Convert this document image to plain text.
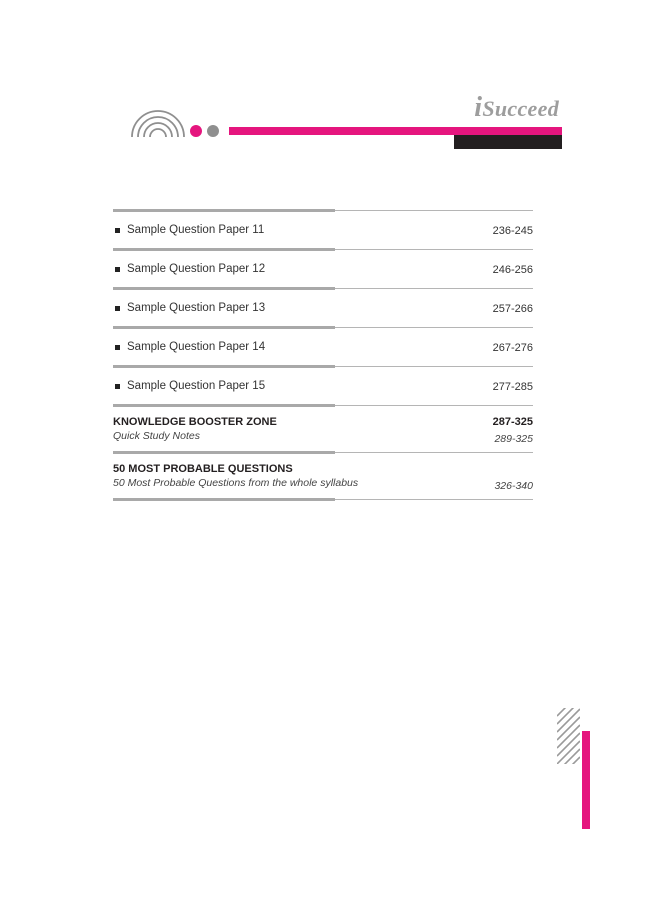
iSucceed
Sample Question Paper 11	236-245
Sample Question Paper 12	246-256
Sample Question Paper 13	257-266
Sample Question Paper 14	267-276
Sample Question Paper 15	277-285
KNOWLEDGE BOOSTER ZONE	287-325
Quick Study Notes	289-325
50 MOST PROBABLE QUESTIONS
50 Most Probable Questions from the whole syllabus	326-340
